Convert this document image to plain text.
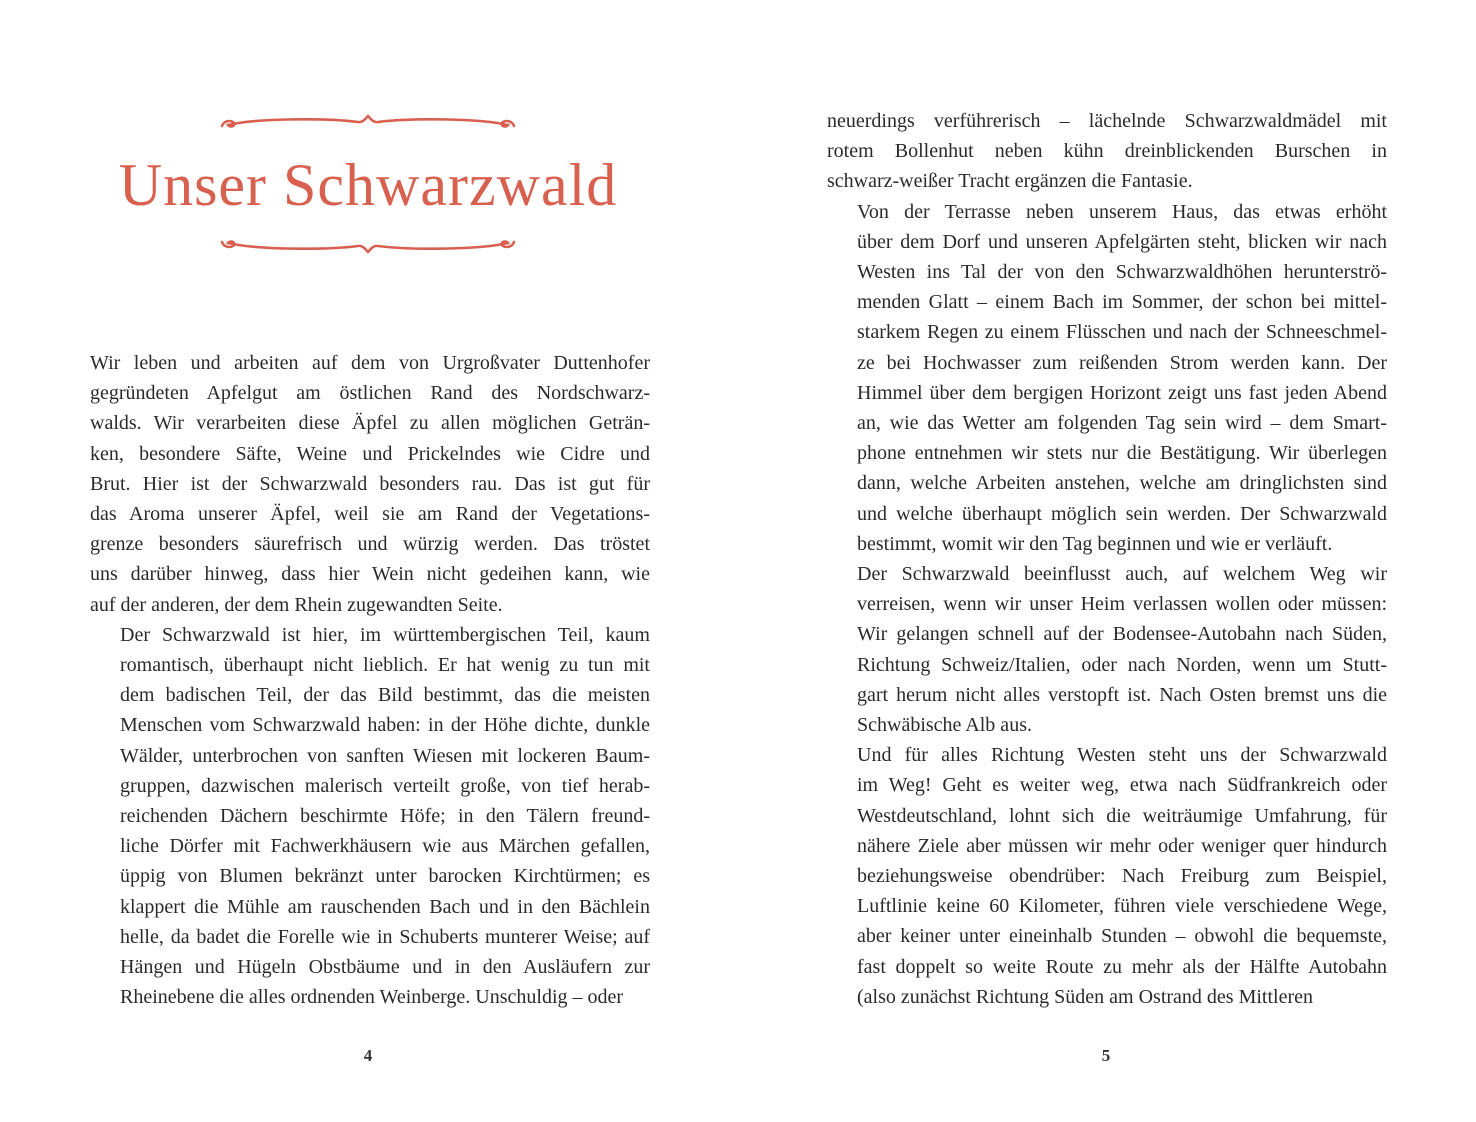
Unser Schwarzwald

Wir leben und arbeiten auf dem von Urgroßvater Duttenhofer
gegründeten Apfelgut am östlichen Rand des Nordschwarz-
walds. Wir verarbeiten diese Äpfel zu allen möglichen Geträn-
ken, besondere Säfte, Weine und Prickelndes wie Cidre und
Brut. Hier ist der Schwarzwald besonders rau. Das ist gut für
das Aroma unserer Äpfel, weil sie am Rand der Vegetations-
grenze besonders säurefrisch und würzig werden. Das tröstet
uns darüber hinweg, dass hier Wein nicht gedeihen kann, wie
auf der anderen, der dem Rhein zugewandten Seite.

Der Schwarzwald ist hier, im württembergischen Teil, kaum
romantisch, überhaupt nicht lieblich. Er hat wenig zu tun mit
dem badischen Teil, der das Bild bestimmt, das die meisten
Menschen vom Schwarzwald haben: in der Höhe dichte, dunkle
Wälder, unterbrochen von sanften Wiesen mit lockeren Baum-
gruppen, dazwischen malerisch verteilt große, von tief herab-
reichenden Dächern beschirmte Höfe; in den Tälern freund-
liche Dörfer mit Fachwerkhäusern wie aus Märchen gefallen,
üppig von Blumen bekränzt unter barocken Kirchtürmen; es
klappert die Mühle am rauschenden Bach und in den Bächlein
helle, da badet die Forelle wie in Schuberts munterer Weise; auf
Hängen und Hügeln Obstbäume und in den Ausläufern zur
Rheinebene die alles ordnenden Weinberge. Unschuldig – oder

4

neuerdings verführerisch – lächelnde Schwarzwaldmädel mit
rotem Bollenhut neben kühn dreinblickenden Burschen in
schwarz-weißer Tracht ergänzen die Fantasie.

Von der Terrasse neben unserem Haus, das etwas erhöht
über dem Dorf und unseren Apfelgärten steht, blicken wir nach
Westen ins Tal der von den Schwarzwaldhöhen herunterströ-
menden Glatt – einem Bach im Sommer, der schon bei mittel-
starkem Regen zu einem Flüsschen und nach der Schneeschmel-
ze bei Hochwasser zum reißenden Strom werden kann. Der
Himmel über dem bergigen Horizont zeigt uns fast jeden Abend
an, wie das Wetter am folgenden Tag sein wird – dem Smart-
phone entnehmen wir stets nur die Bestätigung. Wir überlegen
dann, welche Arbeiten anstehen, welche am dringlichsten sind
und welche überhaupt möglich sein werden. Der Schwarzwald
bestimmt, womit wir den Tag beginnen und wie er verläuft.

Der Schwarzwald beeinflusst auch, auf welchem Weg wir
verreisen, wenn wir unser Heim verlassen wollen oder müssen:
Wir gelangen schnell auf der Bodensee-Autobahn nach Süden,
Richtung Schweiz/Italien, oder nach Norden, wenn um Stutt-
gart herum nicht alles verstopft ist. Nach Osten bremst uns die
Schwäbische Alb aus.

Und für alles Richtung Westen steht uns der Schwarzwald
im Weg! Geht es weiter weg, etwa nach Südfrankreich oder
Westdeutschland, lohnt sich die weiträumige Umfahrung, für
nähere Ziele aber müssen wir mehr oder weniger quer hindurch
beziehungsweise obendrüber: Nach Freiburg zum Beispiel,
Luftlinie keine 60 Kilometer, führen viele verschiedene Wege,
aber keiner unter eineinhalb Stunden – obwohl die bequemste,
fast doppelt so weite Route zu mehr als der Hälfte Autobahn
(also zunächst Richtung Süden am Ostrand des Mittleren

5
